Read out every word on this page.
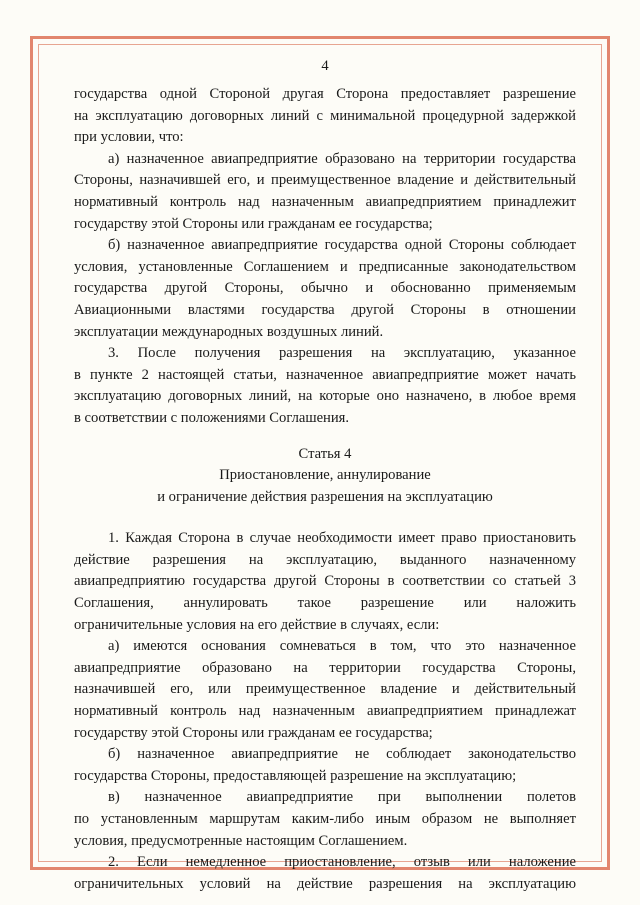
4
государства одной Стороной другая Сторона предоставляет разрешение
на эксплуатацию договорных линий с минимальной процедурной задержкой
при условии, что:
а) назначенное авиапредприятие образовано на территории государства
Стороны, назначившей его, и преимущественное владение и действительный
нормативный контроль над назначенным авиапредприятием принадлежит
государству этой Стороны или гражданам ее государства;
б) назначенное авиапредприятие государства одной Стороны соблюдает
условия, установленные Соглашением и предписанные законодательством
государства другой Стороны, обычно и обоснованно применяемым
Авиационными властями государства другой Стороны в отношении
эксплуатации международных воздушных линий.
3. После получения разрешения на эксплуатацию, указанное
в пункте 2 настоящей статьи, назначенное авиапредприятие может начать
эксплуатацию договорных линий, на которые оно назначено, в любое время
в соответствии с положениями Соглашения.
Статья 4
Приостановление, аннулирование
и ограничение действия разрешения на эксплуатацию
1. Каждая Сторона в случае необходимости имеет право приостановить
действие разрешения на эксплуатацию, выданного назначенному
авиапредприятию государства другой Стороны в соответствии со статьей 3
Соглашения, аннулировать такое разрешение или наложить
ограничительные условия на его действие в случаях, если:
а) имеются основания сомневаться в том, что это назначенное
авиапредприятие образовано на территории государства Стороны,
назначившей его, или преимущественное владение и действительный
нормативный контроль над назначенным авиапредприятием принадлежат
государству этой Стороны или гражданам ее государства;
б) назначенное авиапредприятие не соблюдает законодательство
государства Стороны, предоставляющей разрешение на эксплуатацию;
в) назначенное авиапредприятие при выполнении полетов
по установленным маршрутам каким-либо иным образом не выполняет
условия, предусмотренные настоящим Соглашением.
2. Если немедленное приостановление, отзыв или наложение
ограничительных условий на действие разрешения на эксплуатацию
